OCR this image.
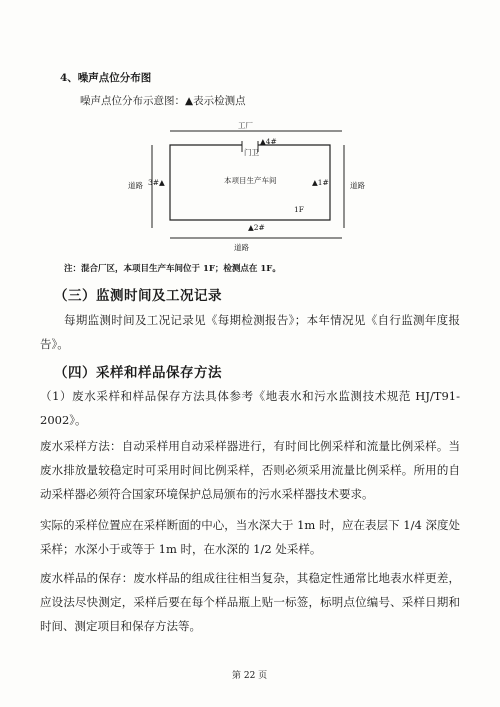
4、噪声点位分布图
噪声点位分布示意图：▲表示检测点
工厂
门卫
▲4#
3#▲	▲1#
本项目生产车间
1F
▲2#
道路	道路
道路
注：混合厂区，本项目生产车间位于 1F；检测点在 1F。
（三）监测时间及工况记录
每期监测时间及工况记录见《每期检测报告》；本年情况见《自行监测年度报告》。
（四）采样和样品保存方法
（1）废水采样和样品保存方法具体参考《地表水和污水监测技术规范 HJ/T91-2002》。
废水采样方法：自动采样用自动采样器进行，有时间比例采样和流量比例采样。当废水排放量较稳定时可采用时间比例采样，否则必须采用流量比例采样。所用的自动采样器必须符合国家环境保护总局颁布的污水采样器技术要求。
实际的采样位置应在采样断面的中心，当水深大于 1m 时，应在表层下 1/4 深度处采样；水深小于或等于 1m 时，在水深的 1/2 处采样。
废水样品的保存：废水样品的组成往往相当复杂，其稳定性通常比地表水样更差，应设法尽快测定，采样后要在每个样品瓶上贴一标签，标明点位编号、采样日期和时间、测定项目和保存方法等。
第 22 页
